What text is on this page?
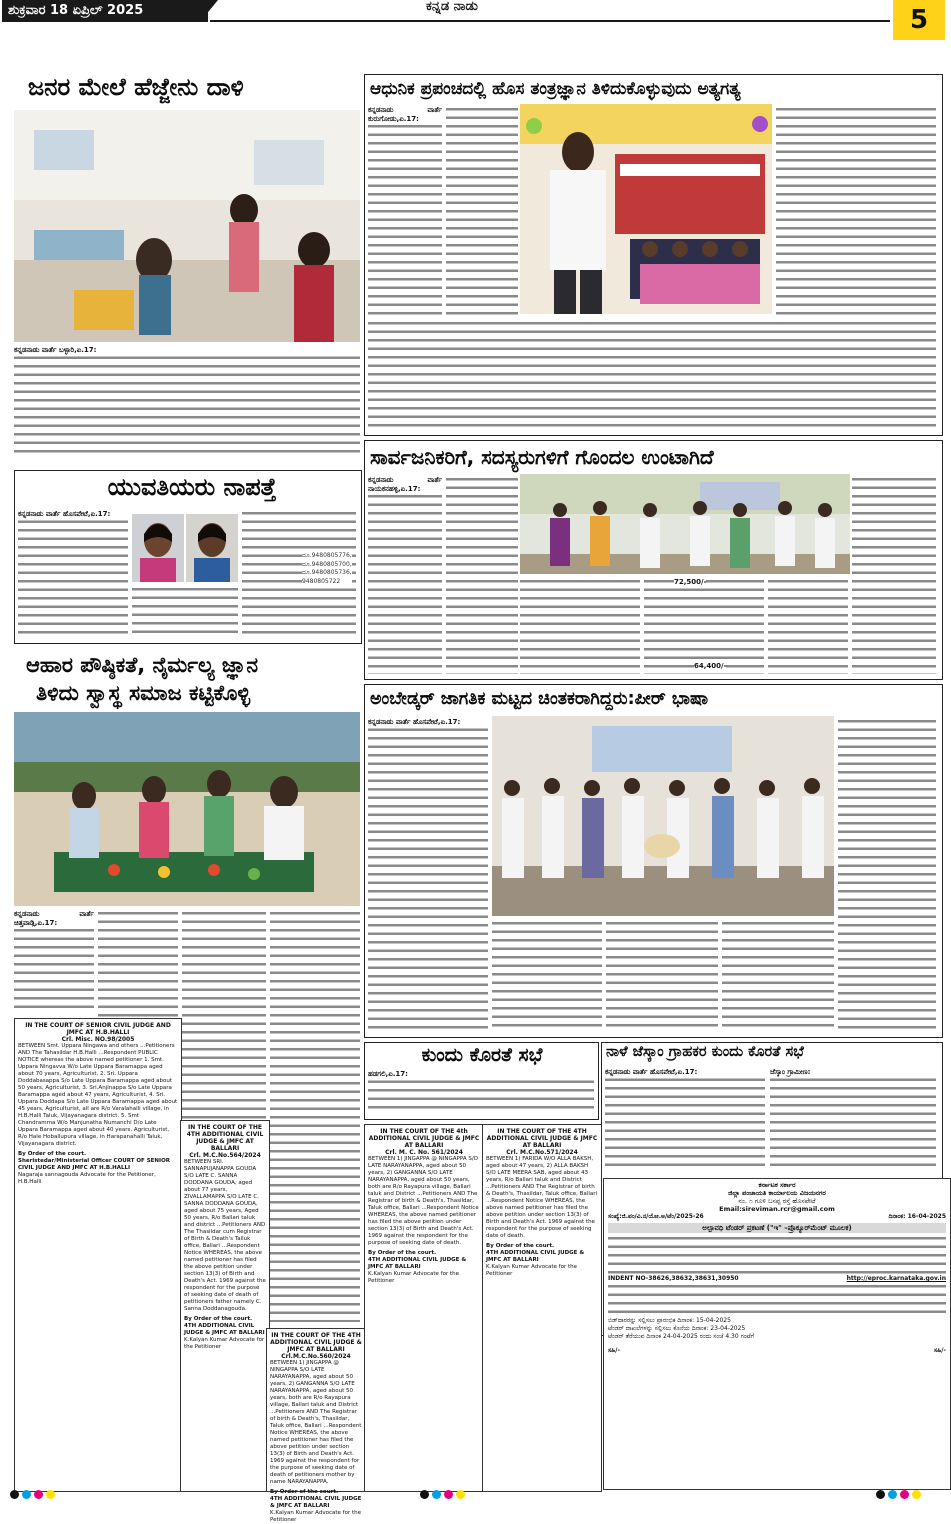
ಶುಕ್ರವಾರ 18 ಏಪ್ರಿಲ್ 2025	ಕನ್ನಡ ನಾಡು	5
ಜನರ ಮೇಲೆ ಹೆಜ್ಜೇನು ದಾಳಿ
ಕನ್ನಡನಾಡು ವಾರ್ತೆ ಬಳ್ಳಾರಿ,ಏ.17:
ಆಧುನಿಕ ಪ್ರಪಂಚದಲ್ಲಿ ಹೊಸ ತಂತ್ರಜ್ಞಾನ ತಿಳಿದುಕೊಳ್ಳುವುದು ಅತ್ಯಗತ್ಯ
ಕನ್ನಡನಾಡು ವಾರ್ತೆ ಕುರುಗೋಡು,ಏ.17:
ಯುವತಿಯರು ನಾಪತ್ತೆ
ಕನ್ನಡನಾಡು ವಾರ್ತೆ ಹೊಸಪೇಟೆ,ಏ.17:
ದೂ.9480805776,
ದೂ.9480805700,
ದೂ.9480805736,
9480805722
ಸಾರ್ವಜನಿಕರಿಗೆ, ಸದಸ್ಯರುಗಳಿಗೆ ಗೊಂದಲ ಉಂಟಾಗಿದೆ
ಕನ್ನಡನಾಡು ವಾರ್ತೆ ನಾಯಕನಹಳ್ಳಿ,ಏ.17:
72,500/-
64,400/-
ಆಹಾರ ಪೌಷ್ಠಿಕತೆ, ನೈರ್ಮಲ್ಯ ಜ್ಞಾನ
ತಿಳಿದು ಸ್ವಾಸ್ಥ ಸಮಾಜ ಕಟ್ಟಿಕೊಳ್ಳಿ
ಕನ್ನಡನಾಡು ವಾರ್ತೆ ಚಿತ್ತವಾಡ್ಗಿ,ಏ.17:
ಅಂಬೇಡ್ಕರ್ ಜಾಗತಿಕ ಮಟ್ಟದ ಚಿಂತಕರಾಗಿದ್ದರು:ಪೀರ್ ಭಾಷಾ
ಕನ್ನಡನಾಡು ವಾರ್ತೆ ಹೊಸಪೇಟೆ,ಏ.17:
ಕುಂದು ಕೊರತೆ ಸಭೆ
ಹಡಗಲಿ,ಏ.17:
ನಾಳೆ ಜೆಸ್ಕಾಂ ಗ್ರಾಹಕರ ಕುಂದು ಕೊರತೆ ಸಭೆ
ಕನ್ನಡನಾಡು ವಾರ್ತೆ ಹೊಸಪೇಟೆ,ಏ.17:	ಜೆಸ್ಕಾಂ ಗ್ರಾಮೀಣ:
ಕರ್ನಾಟಕ ಸರ್ಕಾರ
ಜಿಲ್ಲಾ ಪಂಚಾಯತಿ ಕಾರ್ಯಾಲಯ ವಿಜಯನಗರ
ನಂ. ೧ ಗೂಳಿ ಬಸಪ್ಪ ರಸ್ತೆ ಹೊಸಪೇಟೆ
Email:sireviman.rcr@gmail.com
ಸಂಖ್ಯೆ:ಜಿ.ಪಂ/ವಿ.ನ/ಯೋ.ಅ/ಟೆಂ/2025-26	ದಿನಾಂಕ: 16-04-2025
ಅಲ್ಪಾವಧಿ ಟೆಂಡರ್ ಪ್ರಕಟಣೆ ("ಇ" –ಪ್ರೊಕ್ಯೂರ್‌ಮೆಂಟ್ ಮೂಲಕ)
INDENT NO-38626,38632,38631,30950	http://eproc.karnataka.gov.in
ಬಿಡ್‌ದಾರರನ್ನು ಸಲ್ಲಿಸಲು ಪ್ರಾರಂಭಿಕ ದಿನಾಂಕ: 15-04-2025
ಟೆಂಡರ್ ದಾಖಲೆಗಳನ್ನು ಸಲ್ಲಿಸಲು ಕೊನೆಯ ದಿನಾಂಕ: 23-04-2025
ಟೆಂಡರ್ ತೆರೆಯುವ ದಿನಾಂಕ 24-04-2025 ರಂದು ಸಂಜೆ 4.30 ಗಂಟೆಗೆ
ಸಹಿ/-	ಸಹಿ/-
IN THE COURT OF SENIOR CIVIL JUDGE AND JMFC AT H.B.HALLI
Crl. Misc. NO.98/2005
BETWEEN Smt. Uppara Ningawa and others ...Petitioners AND The Tahasildar H.B.Halli ...Respondent PUBLIC NOTICE whereas the above named petitioner 1. Smt. Uppara Ningavva W/o Late Uppara Baramappa aged about 70 years, Agriculturist, 2. Sri. Uppara Doddabasappa S/o Late Uppara Baramappa aged about 50 years, Agriculturist, 3. Sri.Anjinappa S/o Late Uppara Baramappa aged about 47 years, Agriculturist, 4. Sri. Uppara Doddapa S/o Late Uppara Baramappa aged about 45 years, Agriculturist, all are R/o Varalahalli village, in H.B.Halli Taluk, Vijayanagara district. 5. Smt Chandramma W/o Manjunatha Numanchi D/o Late Uppara Baramappa aged about 40 years, Agriculturist, R/o Hale Hoballupura village, in Harapanahalli Taluk, Vijayanagara district.
By Order of the court.
Sheristedar/Ministerial Officer COURT OF SENIOR CIVIL JUDGE AND JMFC AT H.B.HALLI
Nagaraja sannagouda Advocate for the Petitioner, H.B.Halli
IN THE COURT OF THE 4TH ADDITIONAL CIVIL JUDGE & JMFC AT BALLARI
Crl. M.C.No.564/2024
BETWEEN SRI. SANNAPUJANAPPA GOUDA S/O LATE C. SANNA DODDANA GOUDA, aged about 77 years, ZIVALLAMAPPA S/O LATE C. SANNA DODDANA GOUDA, aged about 75 years, Aged 50 years, R/o Ballari taluk and district ...Petitioners AND The Thasildar cum Registrar of Birth & Death's Talluk office, Ballari ...Respondent Notice WHEREAS, the above named petitioner has filed the above petition under section 13(3) of Birth and Death's Act. 1969 against the respondent for the purpose of seeking date of death of petitioners father namely C. Sanna Doddanagouda.
By Order of the court.
4TH ADDITIONAL CIVIL JUDGE & JMFC AT BALLARI
K.Kalyan Kumar Advocate for the Petitioner
IN THE COURT OF THE 4TH ADDITIONAL CIVIL JUDGE & JMFC AT BALLARI
Crl.M.C.No.560/2024
BETWEEN 1) JINGAPPA @ NINGAPPA S/O LATE NARAYANAPPA, aged about 50 years, 2) GANGANNA S/O LATE NARAYANAPPA, aged about 50 years, both are R/o Rayapura village, Ballari taluk and District ...Petitioners AND The Registrar of birth & Death's, Thasildar, Taluk office, Ballari ...Respondent Notice WHEREAS, the above named petitioner has filed the above petition under section 13(3) of Birth and Death's Act. 1969 against the respondent for the purpose of seeking date of death of petitioners mother by name NARAYANAPPA.
By Order of the court.
4TH ADDITIONAL CIVIL JUDGE & JMFC AT BALLARI
K.Kalyan Kumar Advocate for the Petitioner
IN THE COURT OF THE 4th ADDITIONAL CIVIL JUDGE & JMFC AT BALLARI
Crl. M. C. No. 561/2024
BETWEEN 1) JINGAPPA @ NINGAPPA S/O LATE NARAYANAPPA, aged about 50 years, 2) GANGANNA S/O LATE NARAYANAPPA, aged about 50 years, both are R/o Rayapura village, Ballari taluk and District ...Petitioners AND The Registrar of birth & Death's, Thasildar, Taluk office, Ballari ...Respondent Notice WHEREAS, the above named petitioner has filed the above petition under section 13(3) of Birth and Death's Act. 1969 against the respondent for the purpose of seeking date of death.
By Order of the court.
4TH ADDITIONAL CIVIL JUDGE & JMFC AT BALLARI
K.Kalyan Kumar Advocate for the Petitioner
IN THE COURT OF THE 4TH ADDITIONAL CIVIL JUDGE & JMFC AT BALLARI
Crl. M.C.No.571/2024
BETWEEN 1) FARIDA W/O ALLA BAKSH, aged about 47 years, 2) ALLA BAKSH S/O LATE MEERA SAB, aged about 43 years, R/o Ballari taluk and District ...Petitioners AND The Registrar of birth & Death's, Thasildar, Taluk office, Ballari ...Respondent Notice WHEREAS, the above named petitioner has filed the above petition under section 13(3) of Birth and Death's Act. 1969 against the respondent for the purpose of seeking date of death.
By Order of the court.
4TH ADDITIONAL CIVIL JUDGE & JMFC AT BALLARI
K.Kalyan Kumar Advocate for the Petitioner
